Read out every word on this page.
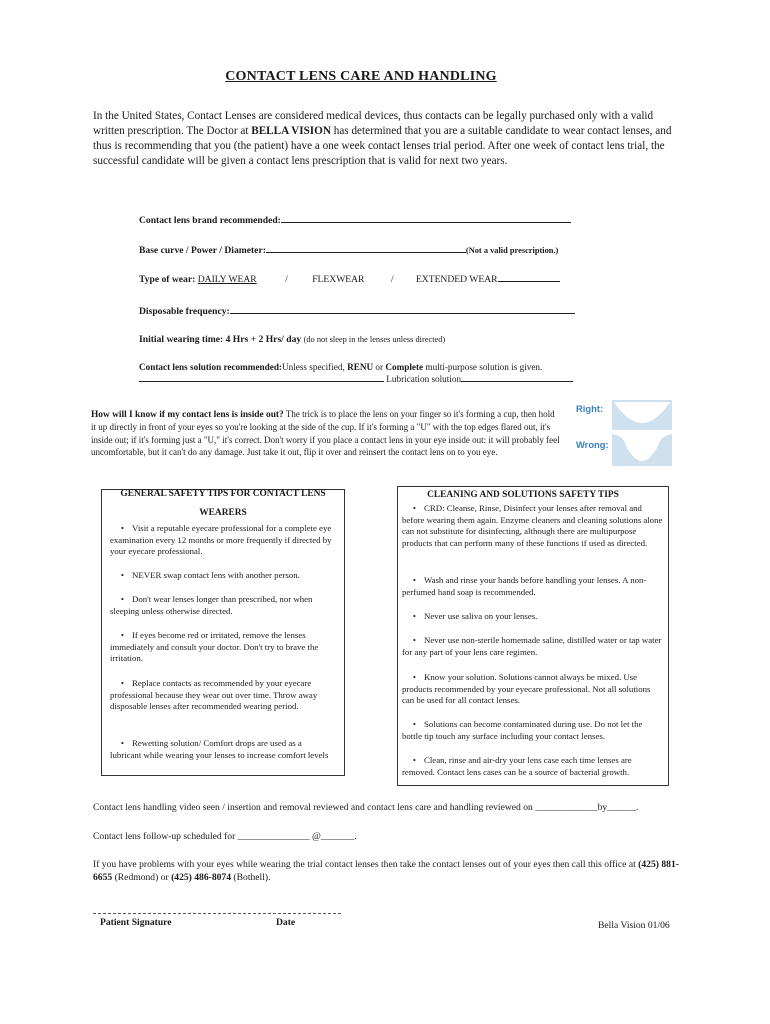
CONTACT LENS CARE AND HANDLING
In the United States, Contact Lenses are considered medical devices, thus contacts can be legally purchased only with a valid written prescription. The Doctor at BELLA VISION has determined that you are a suitable candidate to wear contact lenses, and thus is recommending that you (the patient) have a one week contact lenses trial period. After one week of contact lens trial, the successful candidate will be given a contact lens prescription that is valid for next two years.
Contact lens brand recommended:
Base curve / Power / Diameter:	(Not a valid prescription.)
Type of wear: DAILY WEAR	/	FLEXWEAR	/ EXTENDED WEAR
Disposable frequency:
Initial wearing time: 4 Hrs + 2 Hrs/ day (do not sleep in the lenses unless directed)
Contact lens solution recommended:Unless specified, RENU or Complete multi-purpose solution is given.
Lubrication solution
How will I know if my contact lens is inside out? The trick is to place the lens on your finger so it's forming a cup, then hold it up directly in front of your eyes so you're looking at the side of the cup. If it's forming a "U" with the top edges flared out, it's inside out; if it's forming just a "U," it's correct. Don't worry if you place a contact lens in your eye inside out: it will probably feel uncomfortable, but it can't do any damage. Just take it out, flip it over and reinsert the contact lens on to you eye.
Right:
Wrong:
GENERAL SAFETY TIPS FOR CONTACT LENS
WEARERS
• Visit a reputable eyecare professional for a complete eye examination every 12 months or more frequently if directed by your eyecare professional.
• NEVER swap contact lens with another person.
• Don't wear lenses longer than prescribed, nor when sleeping unless otherwise directed.
• If eyes become red or irritated, remove the lenses immediately and consult your doctor. Don't try to brave the irritation.
• Replace contacts as recommended by your eyecare professional because they wear out over time. Throw away disposable lenses after recommended wearing period.
• Rewetting solution/ Comfort drops are used as a lubricant while wearing your lenses to increase comfort levels
CLEANING AND SOLUTIONS SAFETY TIPS
• CRD: Cleanse, Rinse, Disinfect your lenses after removal and before wearing them again. Enzyme cleaners and cleaning solutions alone can not substitute for disinfecting, although there are multipurpose products that can perform many of these functions if used as directed.
• Wash and rinse your hands before handling your lenses. A non-perfumed hand soap is recommended.
• Never use saliva on your lenses.
• Never use non-sterile homemade saline, distilled water or tap water for any part of your lens care regimen.
• Know your solution. Solutions cannot always be mixed. Use products recommended by your eyecare professional. Not all solutions can be used for all contact lenses.
• Solutions can become contaminated during use. Do not let the bottle tip touch any surface including your contact lenses.
• Clean, rinse and air-dry your lens case each time lenses are removed. Contact lens cases can be a source of bacterial growth.
Contact lens handling video seen / insertion and removal reviewed and contact lens care and handling reviewed on _____________by______.
Contact lens follow-up scheduled for _______________ @_______.
If you have problems with your eyes while wearing the trial contact lenses then take the contact lenses out of your eyes then call this office at (425) 881-6655 (Redmond) or (425) 486-8074 (Bothell).
Patient Signature	Date	Bella Vision 01/06
